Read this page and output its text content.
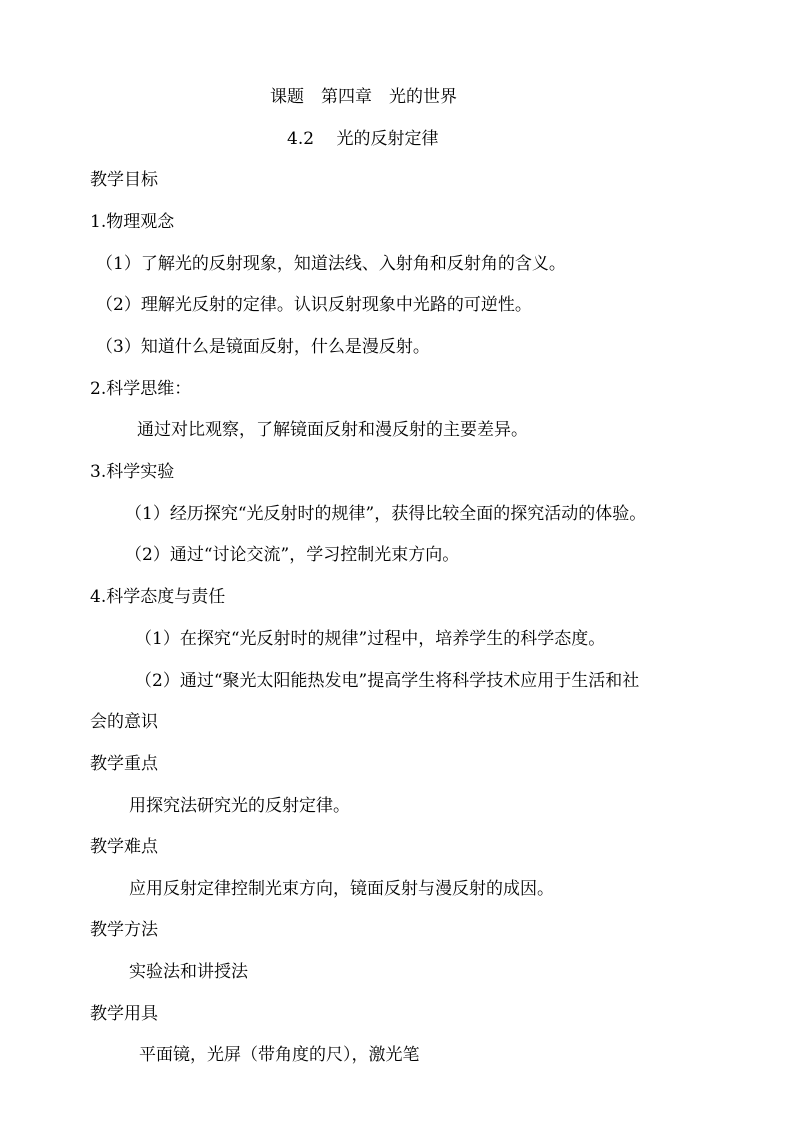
课题　第四章　光的世界
4.2　 光的反射定律
教学目标
1.物理观念
（1）了解光的反射现象，知道法线、入射角和反射角的含义。
（2）理解光反射的定律。认识反射现象中光路的可逆性。
（3）知道什么是镜面反射，什么是漫反射。
2.科学思维：
通过对比观察，了解镜面反射和漫反射的主要差异。
3.科学实验
（1）经历探究“光反射时的规律”，获得比较全面的探究活动的体验。
（2）通过“讨论交流”，学习控制光束方向。
4.科学态度与责任
（1）在探究“光反射时的规律”过程中，培养学生的科学态度。
（2）通过“聚光太阳能热发电”提高学生将科学技术应用于生活和社
会的意识
教学重点
用探究法研究光的反射定律。
教学难点
应用反射定律控制光束方向，镜面反射与漫反射的成因。
教学方法
实验法和讲授法
教学用具
平面镜，光屏（带角度的尺），激光笔
